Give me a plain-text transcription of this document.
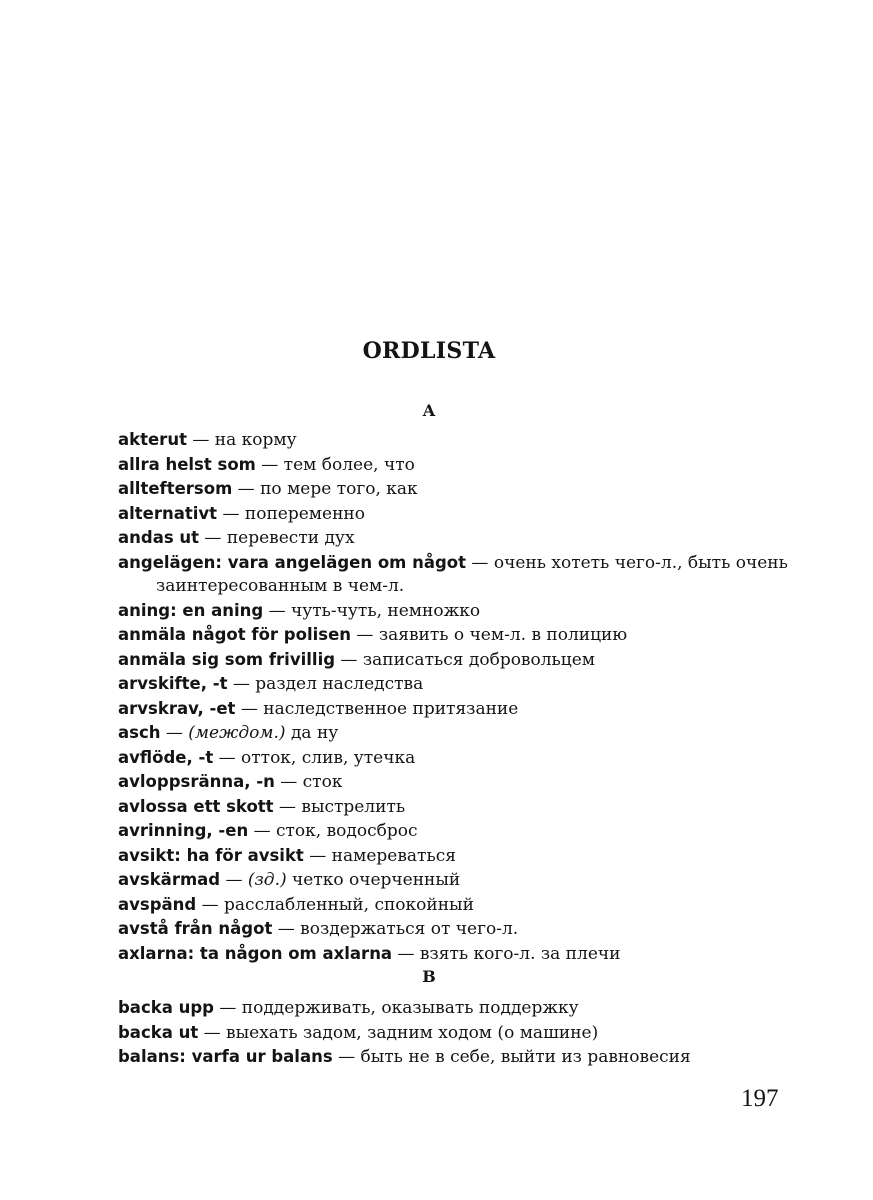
ORDLISTA
A
akterut — на корму
allra helst som — тем более, что
allteftersom — по мере того, как
alternativt — попеременно
andas ut — перевести дух
angelägen: vara angelägen om något — очень хотеть чего-л., быть очень заинтересованным в чем-л.
aning: en aning — чуть-чуть, немножко
anmäla något för polisen — заявить о чем-л. в полицию
anmäla sig som frivillig — записаться добровольцем
arvskifte, -t — раздел наследства
arvskrav, -et — наследственное притязание
asch — (междом.) да ну
avflöde, -t — отток, слив, утечка
avloppsränna, -n — сток
avlossa ett skott — выстрелить
avrinning, -en — сток, водосброс
avsikt: ha för avsikt — намереваться
avskärmad — (зд.) четко очерченный
avspänd — расслабленный, спокойный
avstå från något — воздержаться от чего-л.
axlarna: ta någon om axlarna — взять кого-л. за плечи
B
backa upp — поддерживать, оказывать поддержку
backa ut — выехать задом, задним ходом (о машине)
balans: varfa ur balans — быть не в себе, выйти из равновесия
197
